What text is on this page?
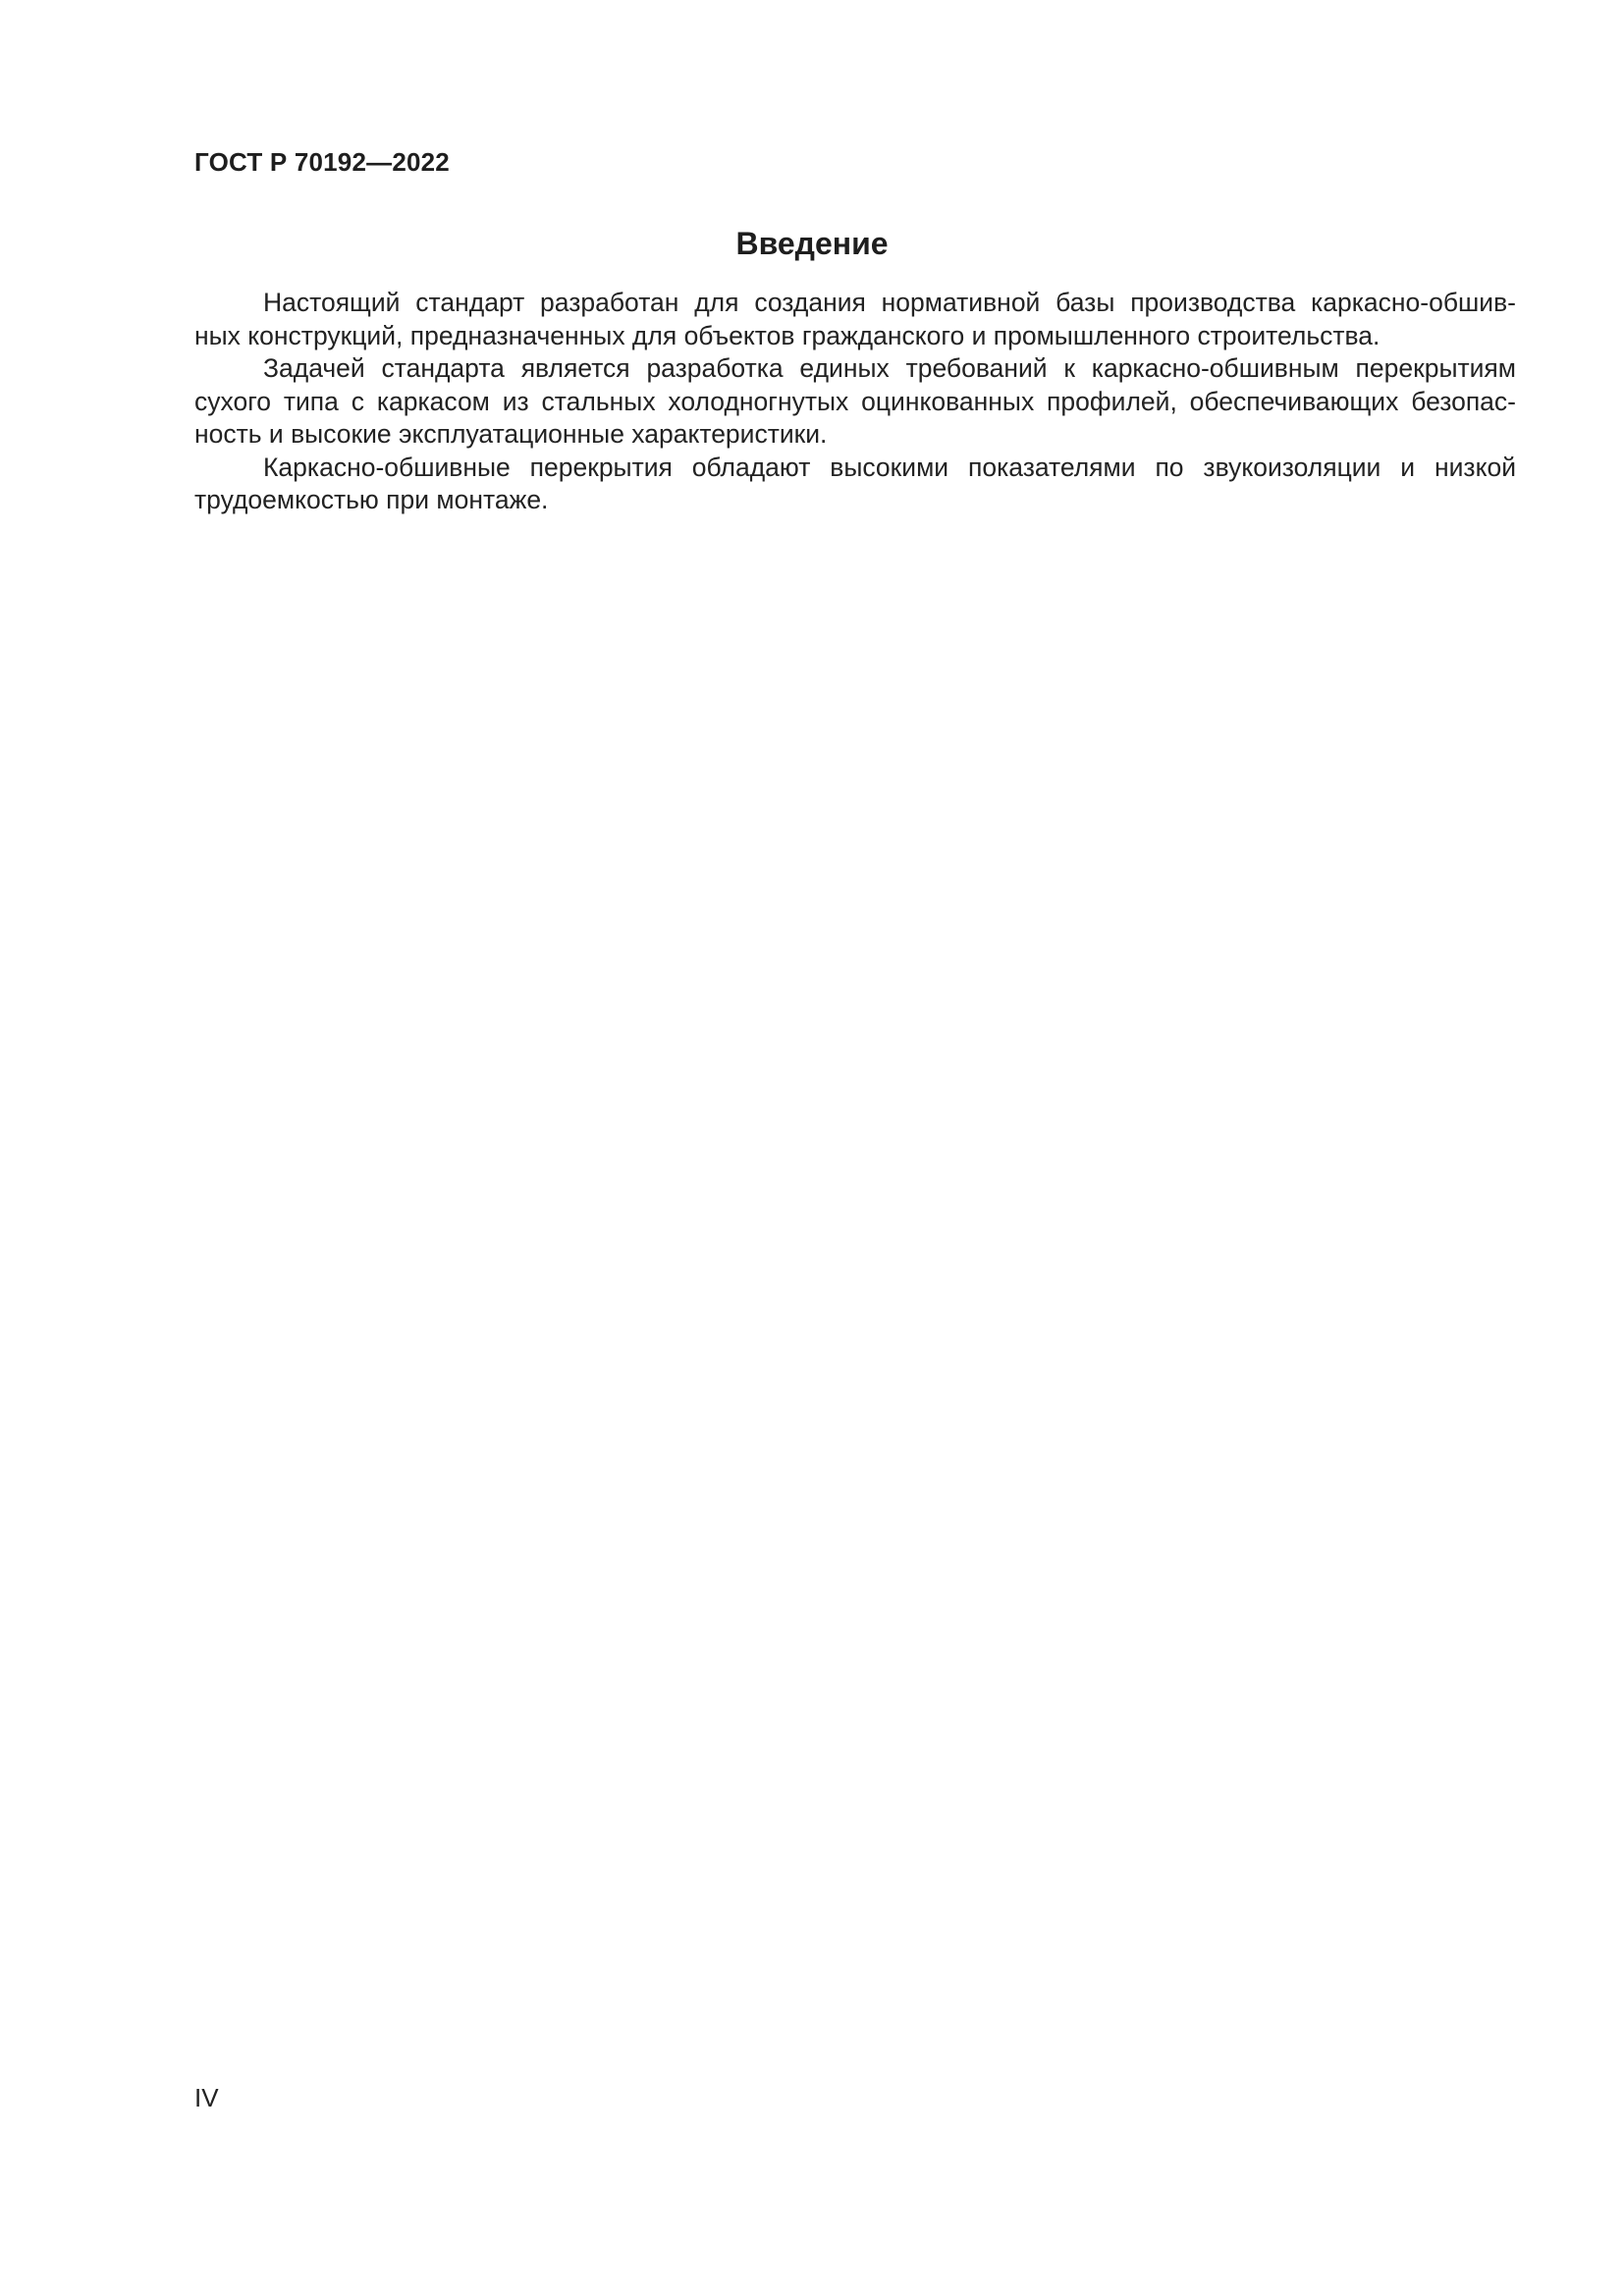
ГОСТ Р 70192—2022
Введение
Настоящий стандарт разработан для создания нормативной базы производства каркасно-обшив-
ных конструкций, предназначенных для объектов гражданского и промышленного строительства.
Задачей стандарта является разработка единых требований к каркасно-обшивным перекрытиям
сухого типа с каркасом из стальных холодногнутых оцинкованных профилей, обеспечивающих безопас-
ность и высокие эксплуатационные характеристики.
Каркасно-обшивные перекрытия обладают высокими показателями по звукоизоляции и низкой
трудоемкостью при монтаже.
IV
